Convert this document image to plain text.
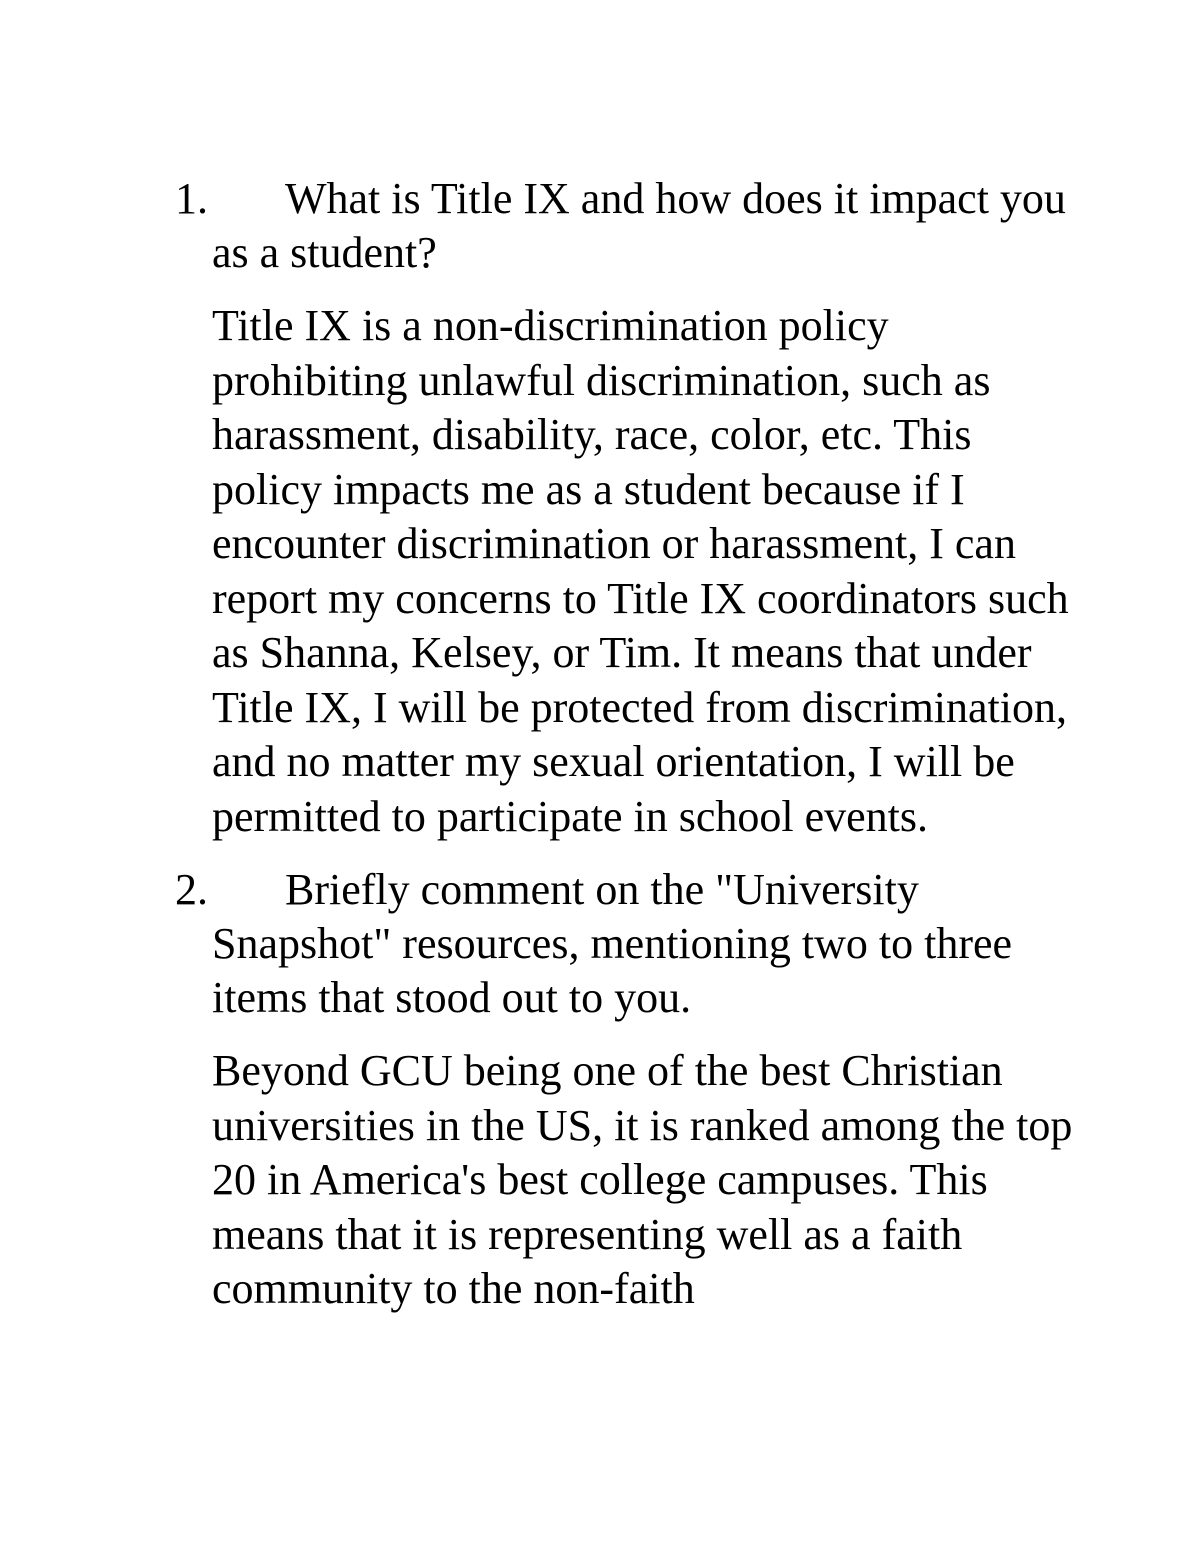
1.	What is Title IX and how does it impact you as a student?

Title IX is a non-discrimination policy prohibiting unlawful discrimination, such as harassment, disability, race, color, etc. This policy impacts me as a student because if I encounter discrimination or harassment, I can report my concerns to Title IX coordinators such as Shanna, Kelsey, or Tim. It means that under Title IX, I will be protected from discrimination, and no matter my sexual orientation, I will be permitted to participate in school events.

2.	Briefly comment on the "University Snapshot" resources, mentioning two to three items that stood out to you.

Beyond GCU being one of the best Christian universities in the US, it is ranked among the top 20 in America's best college campuses. This means that it is representing well as a faith community to the non-faith
